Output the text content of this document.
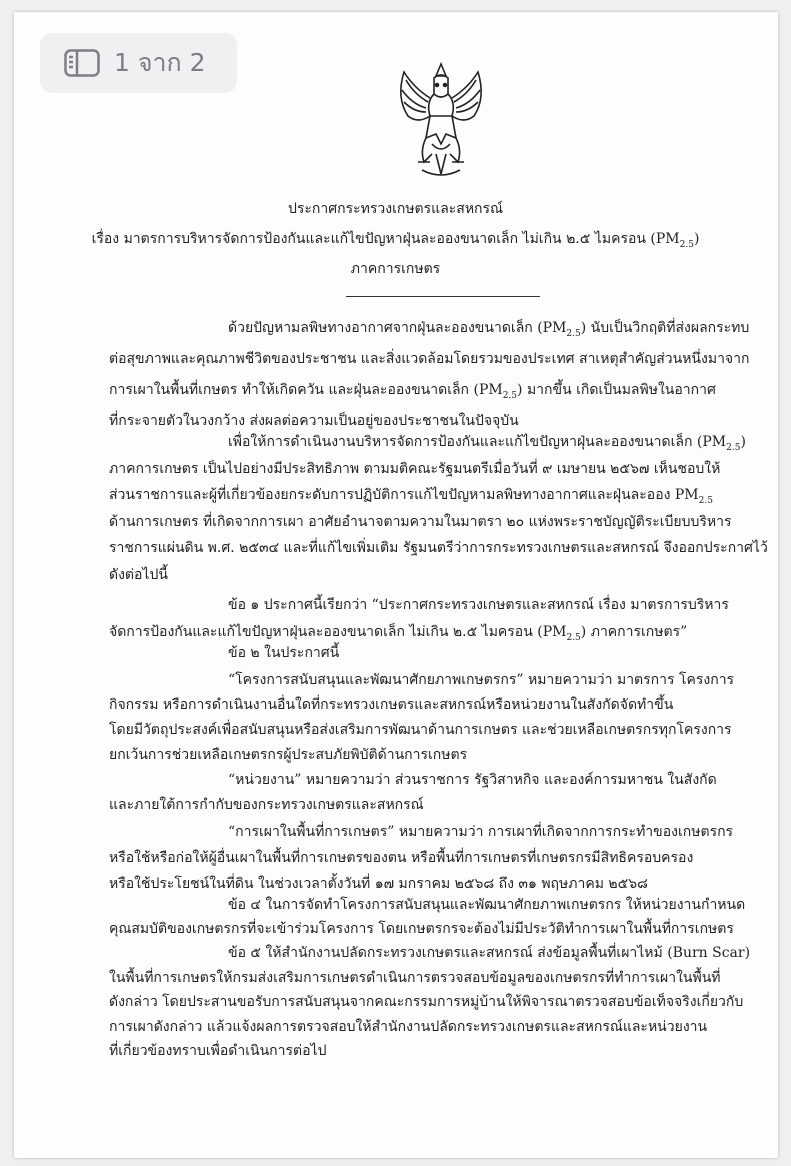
1 จาก 2
ประกาศกระทรวงเกษตรและสหกรณ์
เรื่อง มาตรการบริหารจัดการป้องกันและแก้ไขปัญหาฝุ่นละอองขนาดเล็ก ไม่เกิน ๒.๕ ไมครอน $(PM_{2.5})$
ภาคการเกษตร
ด้วยปัญหามลพิษทางอากาศจากฝุ่นละอองขนาดเล็ก $(PM_{2.5})$ นับเป็นวิกฤติที่ส่งผลกระทบ
ต่อสุขภาพและคุณภาพชีวิตของประชาชน และสิ่งแวดล้อมโดยรวมของประเทศ สาเหตุสำคัญส่วนหนึ่งมาจาก
การเผาในพื้นที่เกษตร ทำให้เกิดควัน และฝุ่นละอองขนาดเล็ก $(PM_{2.5})$ มากขึ้น เกิดเป็นมลพิษในอากาศ
ที่กระจายตัวในวงกว้าง ส่งผลต่อความเป็นอยู่ของประชาชนในปัจจุบัน
เพื่อให้การดำเนินงานบริหารจัดการป้องกันและแก้ไขปัญหาฝุ่นละอองขนาดเล็ก $(PM_{2.5})$
ภาคการเกษตร เป็นไปอย่างมีประสิทธิภาพ ตามมติคณะรัฐมนตรีเมื่อวันที่ ๙ เมษายน ๒๕๖๗ เห็นชอบให้
ส่วนราชการและผู้ที่เกี่ยวข้องยกระดับการปฏิบัติการแก้ไขปัญหามลพิษทางอากาศและฝุ่นละออง $PM_{2.5}$
ด้านการเกษตร ที่เกิดจากการเผา อาศัยอำนาจตามความในมาตรา ๒๐ แห่งพระราชบัญญัติระเบียบบริหาร
ราชการแผ่นดิน พ.ศ. ๒๕๓๔ และที่แก้ไขเพิ่มเติม รัฐมนตรีว่าการกระทรวงเกษตรและสหกรณ์ จึงออกประกาศไว้
ดังต่อไปนี้
ข้อ ๑ ประกาศนี้เรียกว่า “ประกาศกระทรวงเกษตรและสหกรณ์ เรื่อง มาตรการบริหาร
จัดการป้องกันและแก้ไขปัญหาฝุ่นละอองขนาดเล็ก ไม่เกิน ๒.๕ ไมครอน $(PM_{2.5})$ ภาคการเกษตร”
ข้อ ๒ ในประกาศนี้
“โครงการสนับสนุนและพัฒนาศักยภาพเกษตรกร” หมายความว่า มาตรการ โครงการ
กิจกรรม หรือการดำเนินงานอื่นใดที่กระทรวงเกษตรและสหกรณ์หรือหน่วยงานในสังกัดจัดทำขึ้น
โดยมีวัตถุประสงค์เพื่อสนับสนุนหรือส่งเสริมการพัฒนาด้านการเกษตร และช่วยเหลือเกษตรกรทุกโครงการ
ยกเว้นการช่วยเหลือเกษตรกรผู้ประสบภัยพิบัติด้านการเกษตร
“หน่วยงาน” หมายความว่า ส่วนราชการ รัฐวิสาหกิจ และองค์การมหาชน ในสังกัด
และภายใต้การกำกับของกระทรวงเกษตรและสหกรณ์
“การเผาในพื้นที่การเกษตร” หมายความว่า การเผาที่เกิดจากการกระทำของเกษตรกร
หรือใช้หรือก่อให้ผู้อื่นเผาในพื้นที่การเกษตรของตน หรือพื้นที่การเกษตรที่เกษตรกรมีสิทธิครอบครอง
หรือใช้ประโยชน์ในที่ดิน ในช่วงเวลาตั้งวันที่ ๑๗ มกราคม ๒๕๖๘ ถึง ๓๑ พฤษภาคม ๒๕๖๘
ข้อ ๔ ในการจัดทำโครงการสนับสนุนและพัฒนาศักยภาพเกษตรกร ให้หน่วยงานกำหนด
คุณสมบัติของเกษตรกรที่จะเข้าร่วมโครงการ โดยเกษตรกรจะต้องไม่มีประวัติทำการเผาในพื้นที่การเกษตร
ข้อ ๕ ให้สำนักงานปลัดกระทรวงเกษตรและสหกรณ์ ส่งข้อมูลพื้นที่เผาไหม้ (Burn Scar)
ในพื้นที่การเกษตรให้กรมส่งเสริมการเกษตรดำเนินการตรวจสอบข้อมูลของเกษตรกรที่ทำการเผาในพื้นที่
ดังกล่าว โดยประสานขอรับการสนับสนุนจากคณะกรรมการหมู่บ้านให้พิจารณาตรวจสอบข้อเท็จจริงเกี่ยวกับ
การเผาดังกล่าว แล้วแจ้งผลการตรวจสอบให้สำนักงานปลัดกระทรวงเกษตรและสหกรณ์และหน่วยงาน
ที่เกี่ยวข้องทราบเพื่อดำเนินการต่อไป
